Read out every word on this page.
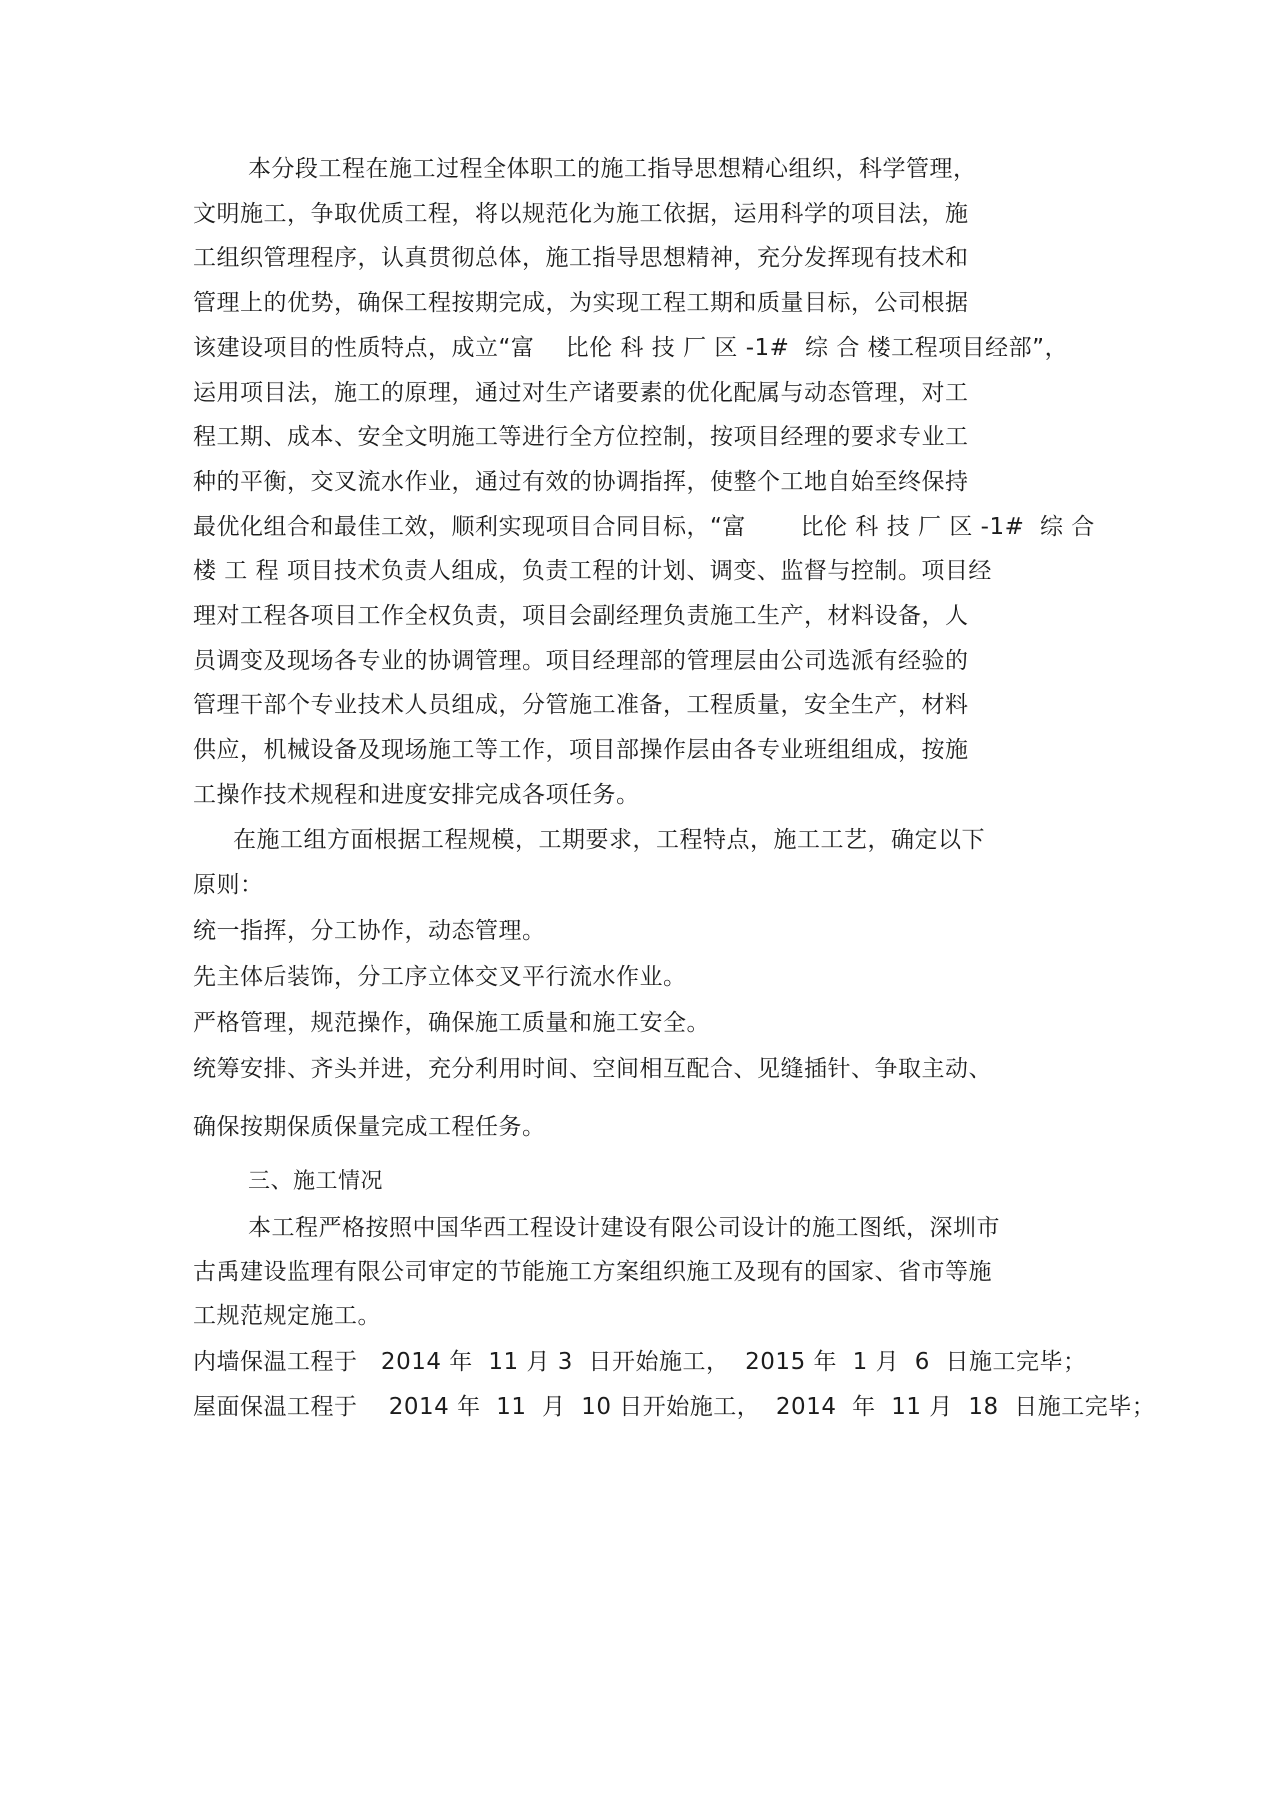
本分段工程在施工过程全体职工的施工指导思想精心组织，科学管理，
文明施工，争取优质工程，将以规范化为施工依据，运用科学的项目法，施
工组织管理程序，认真贯彻总体，施工指导思想精神，充分发挥现有技术和
管理上的优势，确保工程按期完成，为实现工程工期和质量目标，公司根据
该建设项目的性质特点，成立“富    比伦 科 技 厂 区 -1#  综 合 楼工程项目经部”，
运用项目法，施工的原理，通过对生产诸要素的优化配属与动态管理，对工
程工期、成本、安全文明施工等进行全方位控制，按项目经理的要求专业工
种的平衡，交叉流水作业，通过有效的协调指挥，使整个工地自始至终保持
最优化组合和最佳工效，顺利实现项目合同目标，“富       比伦 科 技 厂 区 -1#  综 合
楼 工 程 项目技术负责人组成，负责工程的计划、调变、监督与控制。项目经
理对工程各项目工作全权负责，项目会副经理负责施工生产，材料设备，人
员调变及现场各专业的协调管理。项目经理部的管理层由公司选派有经验的
管理干部个专业技术人员组成，分管施工准备，工程质量，安全生产，材料
供应，机械设备及现场施工等工作，项目部操作层由各专业班组组成，按施
工操作技术规程和进度安排完成各项任务。
在施工组方面根据工程规模，工期要求，工程特点，施工工艺，确定以下
原则：
统一指挥，分工协作，动态管理。
先主体后装饰，分工序立体交叉平行流水作业。
严格管理，规范操作，确保施工质量和施工安全。
统筹安排、齐头并进，充分利用时间、空间相互配合、见缝插针、争取主动、
确保按期保质保量完成工程任务。
三、施工情况
本工程严格按照中国华西工程设计建设有限公司设计的施工图纸，深圳市
古禹建设监理有限公司审定的节能施工方案组织施工及现有的国家、省市等施
工规范规定施工。
内墙保温工程于   2014 年  11 月 3  日开始施工，  2015 年  1 月  6  日施工完毕；
屋面保温工程于    2014 年  11  月  10 日开始施工，  2014  年  11 月  18  日施工完毕；
